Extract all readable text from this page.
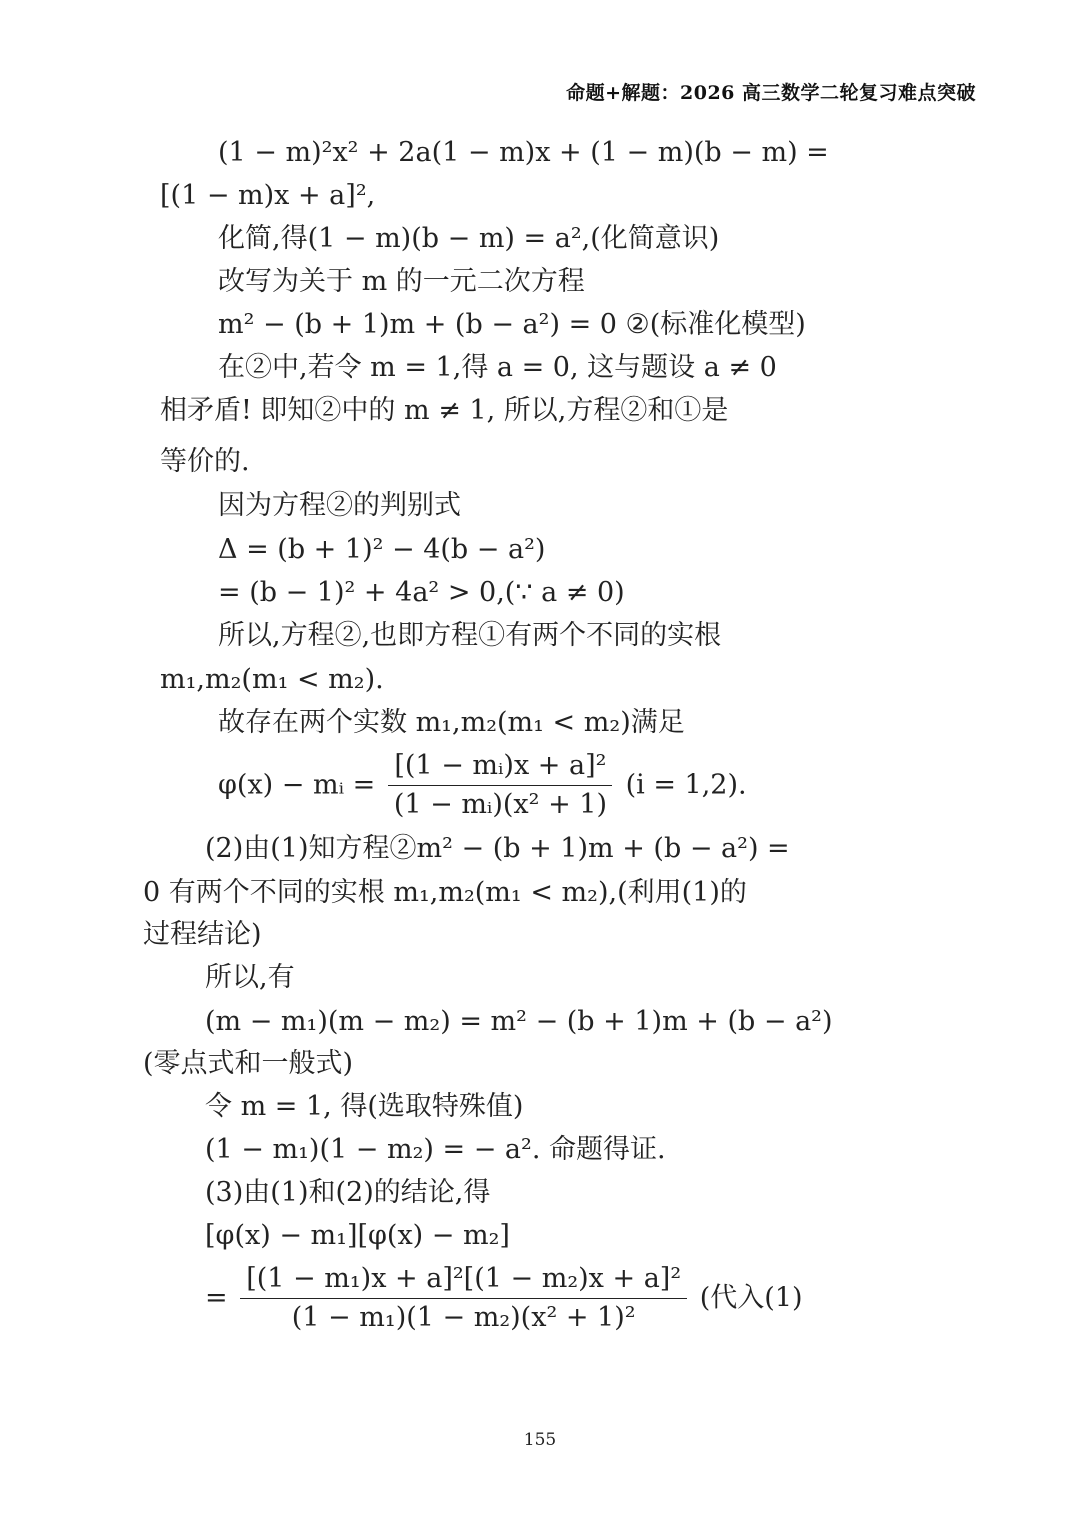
命题+解题：2026 高三数学二轮复习难点突破
(1 − m)²x² + 2a(1 − m)x + (1 − m)(b − m) =
[(1 − m)x + a]²,
化简,得(1 − m)(b − m) = a²,(化简意识)
改写为关于 m 的一元二次方程
m² − (b + 1)m + (b − a²) = 0 ②(标准化模型)
在②中,若令 m = 1,得 a = 0, 这与题设 a ≠ 0
相矛盾! 即知②中的 m ≠ 1, 所以,方程②和①是
等价的.
因为方程②的判别式
Δ = (b + 1)² − 4(b − a²)
= (b − 1)² + 4a² > 0,(∵ a ≠ 0)
所以,方程②,也即方程①有两个不同的实根
m₁,m₂(m₁ < m₂).
故存在两个实数 m₁,m₂(m₁ < m₂)满足
φ(x) − mᵢ = $\frac{\text{[(1 − mᵢ)x + a]²}}{\text{(1 − mᵢ)(x² + 1)}} (i = 1,2)$.
(2)由(1)知方程②m² − (b + 1)m + (b − a²) =
0 有两个不同的实根 m₁,m₂(m₁ < m₂),(利用(1)的
过程结论)
所以,有
(m − m₁)(m − m₂) = m² − (b + 1)m + (b − a²)
(零点式和一般式)
令 m = 1, 得(选取特殊值)
(1 − m₁)(1 − m₂) = − a². 命题得证.
(3)由(1)和(2)的结论,得
[φ(x) − m₁][φ(x) − m₂]
= $\frac{\text{[(1 − m₁)x + a]²[(1 − m₂)x + a]²}}{\text{(1 − m₁)(1 − m₂)(x² + 1)²}}$ (代入(1)
155
